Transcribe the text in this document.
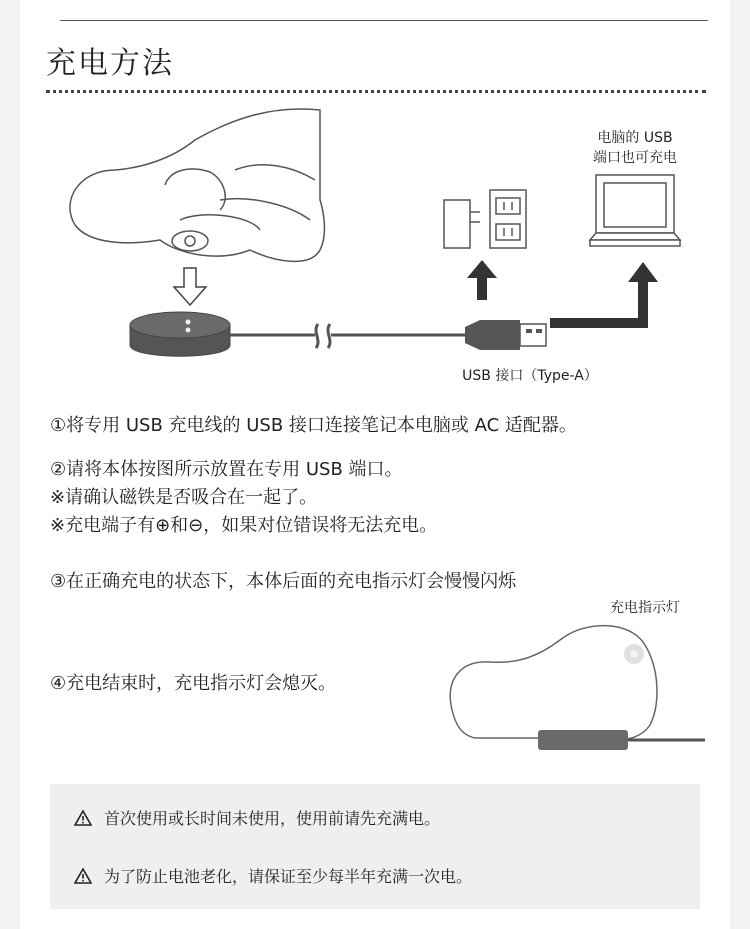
充电方法
电脑的 USB
端口也可充电
USB 接口（Type-A）
①将专用 USB 充电线的 USB 接口连接笔记本电脑或 AC 适配器。
②请将本体按图所示放置在专用 USB 端口。
※请确认磁铁是否吸合在一起了。
※充电端子有⊕和⊖，如果对位错误将无法充电。
③在正确充电的状态下，本体后面的充电指示灯会慢慢闪烁
④充电结束时，充电指示灯会熄灭。
充电指示灯
首次使用或长时间未使用，使用前请先充满电。
为了防止电池老化，请保证至少每半年充满一次电。
